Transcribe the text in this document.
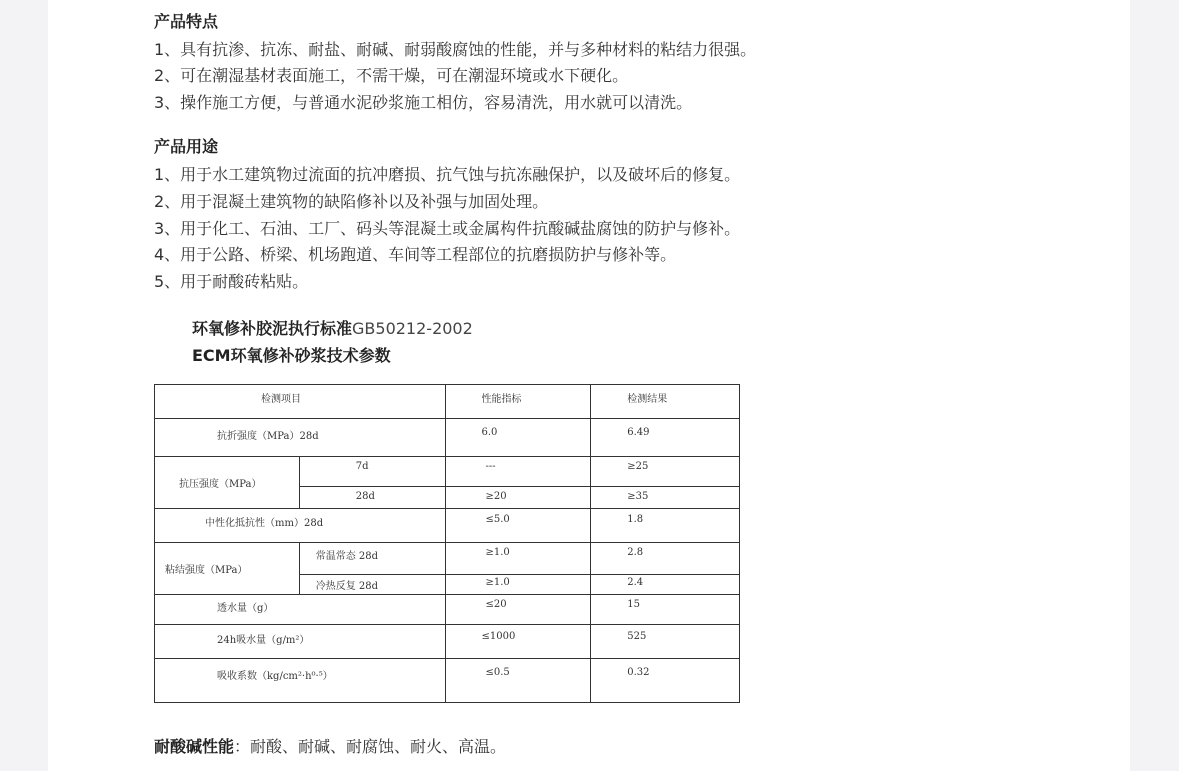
产品特点
1、具有抗渗、抗冻、耐盐、耐碱、耐弱酸腐蚀的性能，并与多种材料的粘结力很强。
2、可在潮湿基材表面施工，不需干燥，可在潮湿环境或水下硬化。
3、操作施工方便，与普通水泥砂浆施工相仿，容易清洗，用水就可以清洗。
产品用途
1、用于水工建筑物过流面的抗冲磨损、抗气蚀与抗冻融保护，以及破坏后的修复。
2、用于混凝土建筑物的缺陷修补以及补强与加固处理。
3、用于化工、石油、工厂、码头等混凝土或金属构件抗酸碱盐腐蚀的防护与修补。
4、用于公路、桥梁、机场跑道、车间等工程部位的抗磨损防护与修补等。
5、用于耐酸砖粘贴。
环氧修补胶泥执行标准GB50212-2002
ECM环氧修补砂浆技术参数
检测项目		性能指标	检测结果
抗折强度（MPa）28d		6.0	6.49
抗压强度（MPa）	7d	---	≥25
	28d	≥20	≥35
中性化抵抗性（mm）28d		≤5.0	1.8
粘结强度（MPa）	常温常态 28d	≥1.0	2.8
	冷热反复 28d	≥1.0	2.4
透水量（g）		≤20	15
24h吸水量（g/m²）		≤1000	525
吸收系数（kg/cm²·h⁰·⁵）		≤0.5	0.32
耐酸碱性能：耐酸、耐碱、耐腐蚀、耐火、高温。
